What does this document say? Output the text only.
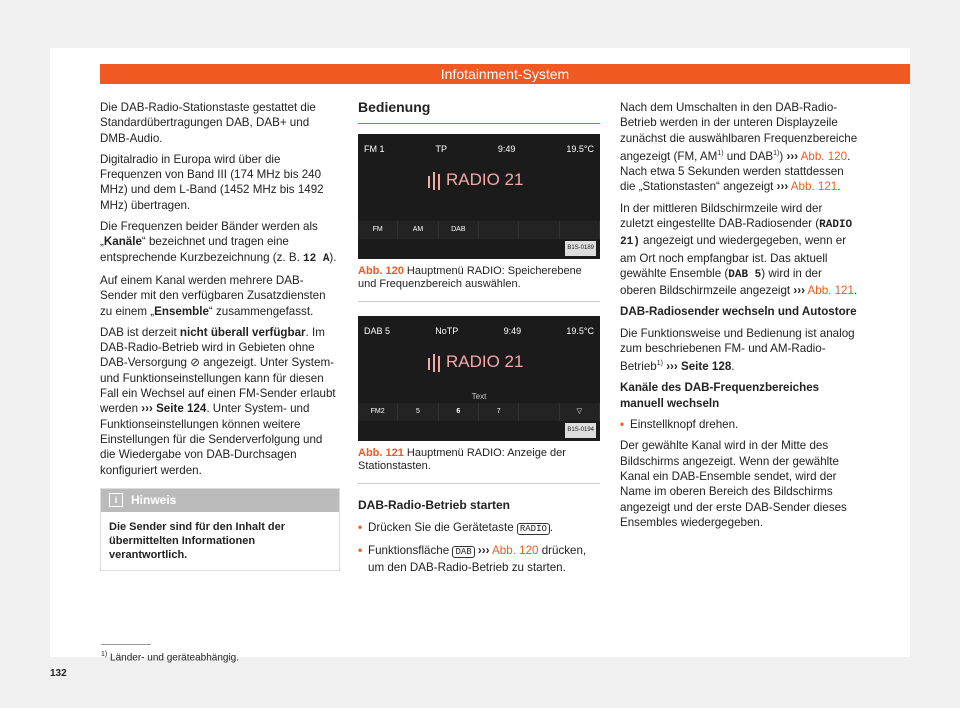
Infotainment-System

Die DAB-Radio-Stationstaste gestattet die Standardübertragungen DAB, DAB+ und DMB-Audio.

Digitalradio in Europa wird über die Frequenzen von Band III (174 MHz bis 240 MHz) und dem L-Band (1452 MHz bis 1492 MHz) übertragen.

Die Frequenzen beider Bänder werden als „Kanäle“ bezeichnet und tragen eine entsprechende Kurzbezeichnung (z. B. 12 A).

Auf einem Kanal werden mehrere DAB-Sender mit den verfügbaren Zusatzdiensten zu einem „Ensemble“ zusammengefasst.

DAB ist derzeit nicht überall verfügbar. Im DAB-Radio-Betrieb wird in Gebieten ohne DAB-Versorgung ⊘ angezeigt. Unter System- und Funktionseinstellungen kann für diesen Fall ein Wechsel auf einen FM-Sender erlaubt werden ››› Seite 124. Unter System- und Funktionseinstellungen können weitere Einstellungen für die Senderverfolgung und die Wiedergabe von DAB-Durchsagen konfiguriert werden.

i	Hinweis
Die Sender sind für den Inhalt der übermittelten Informationen verantwortlich.
Bedienung
FM 1	TP	9:49	19.5°C
RADIO 21
FM	AM	DAB
B1S-0189
Abb. 120 Hauptmenü RADIO: Speicherebene und Frequenzbereich auswählen.
DAB 5	NoTP	9:49	19.5°C
RADIO 21
Text
FM2	5	6	7	▽
B1S-0194
Abb. 121 Hauptmenü RADIO: Anzeige der Stationstasten.

DAB-Radio-Betrieb starten

• Drücken Sie die Gerätetaste RADIO .

• Funktionsfläche DAB ››› Abb. 120 drücken, um den DAB-Radio-Betrieb zu starten.

Nach dem Umschalten in den DAB-Radio-Betrieb werden in der unteren Displayzeile zunächst die auswählbaren Frequenzbereiche angezeigt (FM, AM$^{1)}$ und DAB$^{1)}$) ››› Abb. 120. Nach etwa 5 Sekunden werden stattdessen die „Stationstasten“ angezeigt ››› Abb. 121.

In der mittleren Bildschirmzeile wird der zuletzt eingestellte DAB-Radiosender (RADIO 21) angezeigt und wiedergegeben, wenn er am Ort noch empfangbar ist. Das aktuell gewählte Ensemble (DAB 5) wird in der oberen Bildschirmzeile angezeigt ››› Abb. 121.

DAB-Radiosender wechseln und Autostore

Die Funktionsweise und Bedienung ist analog zum beschriebenen FM- und AM-Radio-Betrieb$^{1)}$ ››› Seite 128.

Kanäle des DAB-Frequenzbereiches manuell wechseln

• Einstellknopf drehen.

Der gewählte Kanal wird in der Mitte des Bildschirms angezeigt. Wenn der gewählte Kanal ein DAB-Ensemble sendet, wird der Name im oberen Bereich des Bildschirms angezeigt und der erste DAB-Sender dieses Ensembles wiedergegeben.

$^{1)}$ Länder- und geräteabhängig.
132
